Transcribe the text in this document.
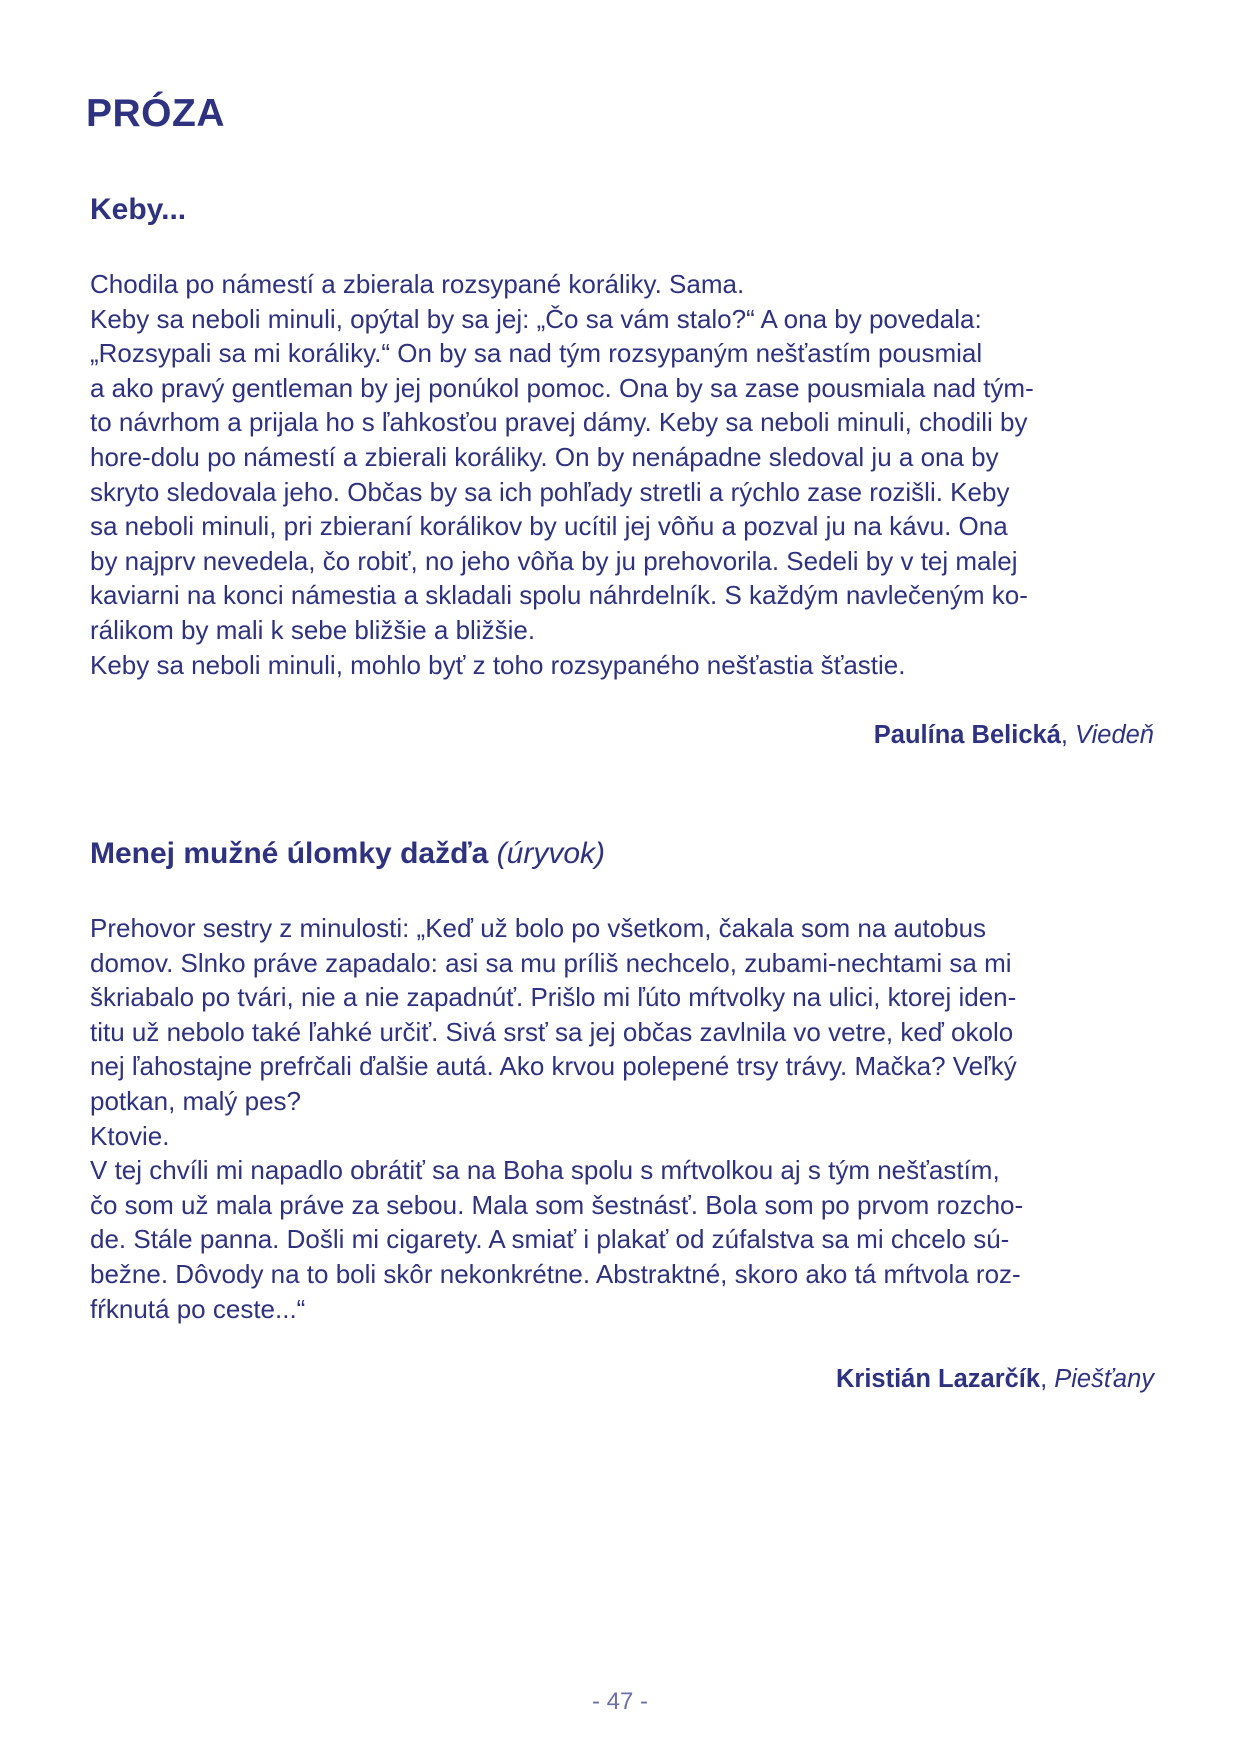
PRÓZA
Keby...
Chodila po námestí a zbierala rozsypané koráliky. Sama.
Keby sa neboli minuli, opýtal by sa jej: „Čo sa vám stalo?“ A ona by povedala:
„Rozsypali sa mi koráliky.“ On by sa nad tým rozsypaným nešťastím pousmial
a ako pravý gentleman by jej ponúkol pomoc. Ona by sa zase pousmiala nad tým-
to návrhom a prijala ho s ľahkosťou pravej dámy. Keby sa neboli minuli, chodili by
hore-dolu po námestí a zbierali koráliky. On by nenápadne sledoval ju a ona by
skryto sledovala jeho. Občas by sa ich pohľady stretli a rýchlo zase rozišli. Keby
sa neboli minuli, pri zbieraní korálikov by ucítil jej vôňu a pozval ju na kávu. Ona
by najprv nevedela, čo robiť, no jeho vôňa by ju prehovorila. Sedeli by v tej malej
kaviarni na konci námestia a skladali spolu náhrdelník. S každým navlečeným ko-
rálikom by mali k sebe bližšie a bližšie.
Keby sa neboli minuli, mohlo byť z toho rozsypaného nešťastia šťastie.
Paulína Belická, Viedeň
Menej mužné úlomky dažďa (úryvok)
Prehovor sestry z minulosti: „Keď už bolo po všetkom, čakala som na autobus
domov. Slnko práve zapadalo: asi sa mu príliš nechcelo, zubami-nechtami sa mi
škriabalo po tvári, nie a nie zapadnúť. Prišlo mi ľúto mŕtvolky na ulici, ktorej iden-
titu už nebolo také ľahké určiť. Sivá srsť sa jej občas zavlnila vo vetre, keď okolo
nej ľahostajne prefrčali ďalšie autá. Ako krvou polepené trsy trávy. Mačka? Veľký
potkan, malý pes?
Ktovie.
V tej chvíli mi napadlo obrátiť sa na Boha spolu s mŕtvolkou aj s tým nešťastím,
čo som už mala práve za sebou. Mala som šestnásť. Bola som po prvom rozcho-
de. Stále panna. Došli mi cigarety. A smiať i plakať od zúfalstva sa mi chcelo sú-
bežne. Dôvody na to boli skôr nekonkrétne. Abstraktné, skoro ako tá mŕtvola roz-
fŕknutá po ceste...“
Kristián Lazarčík, Piešťany
- 47 -
